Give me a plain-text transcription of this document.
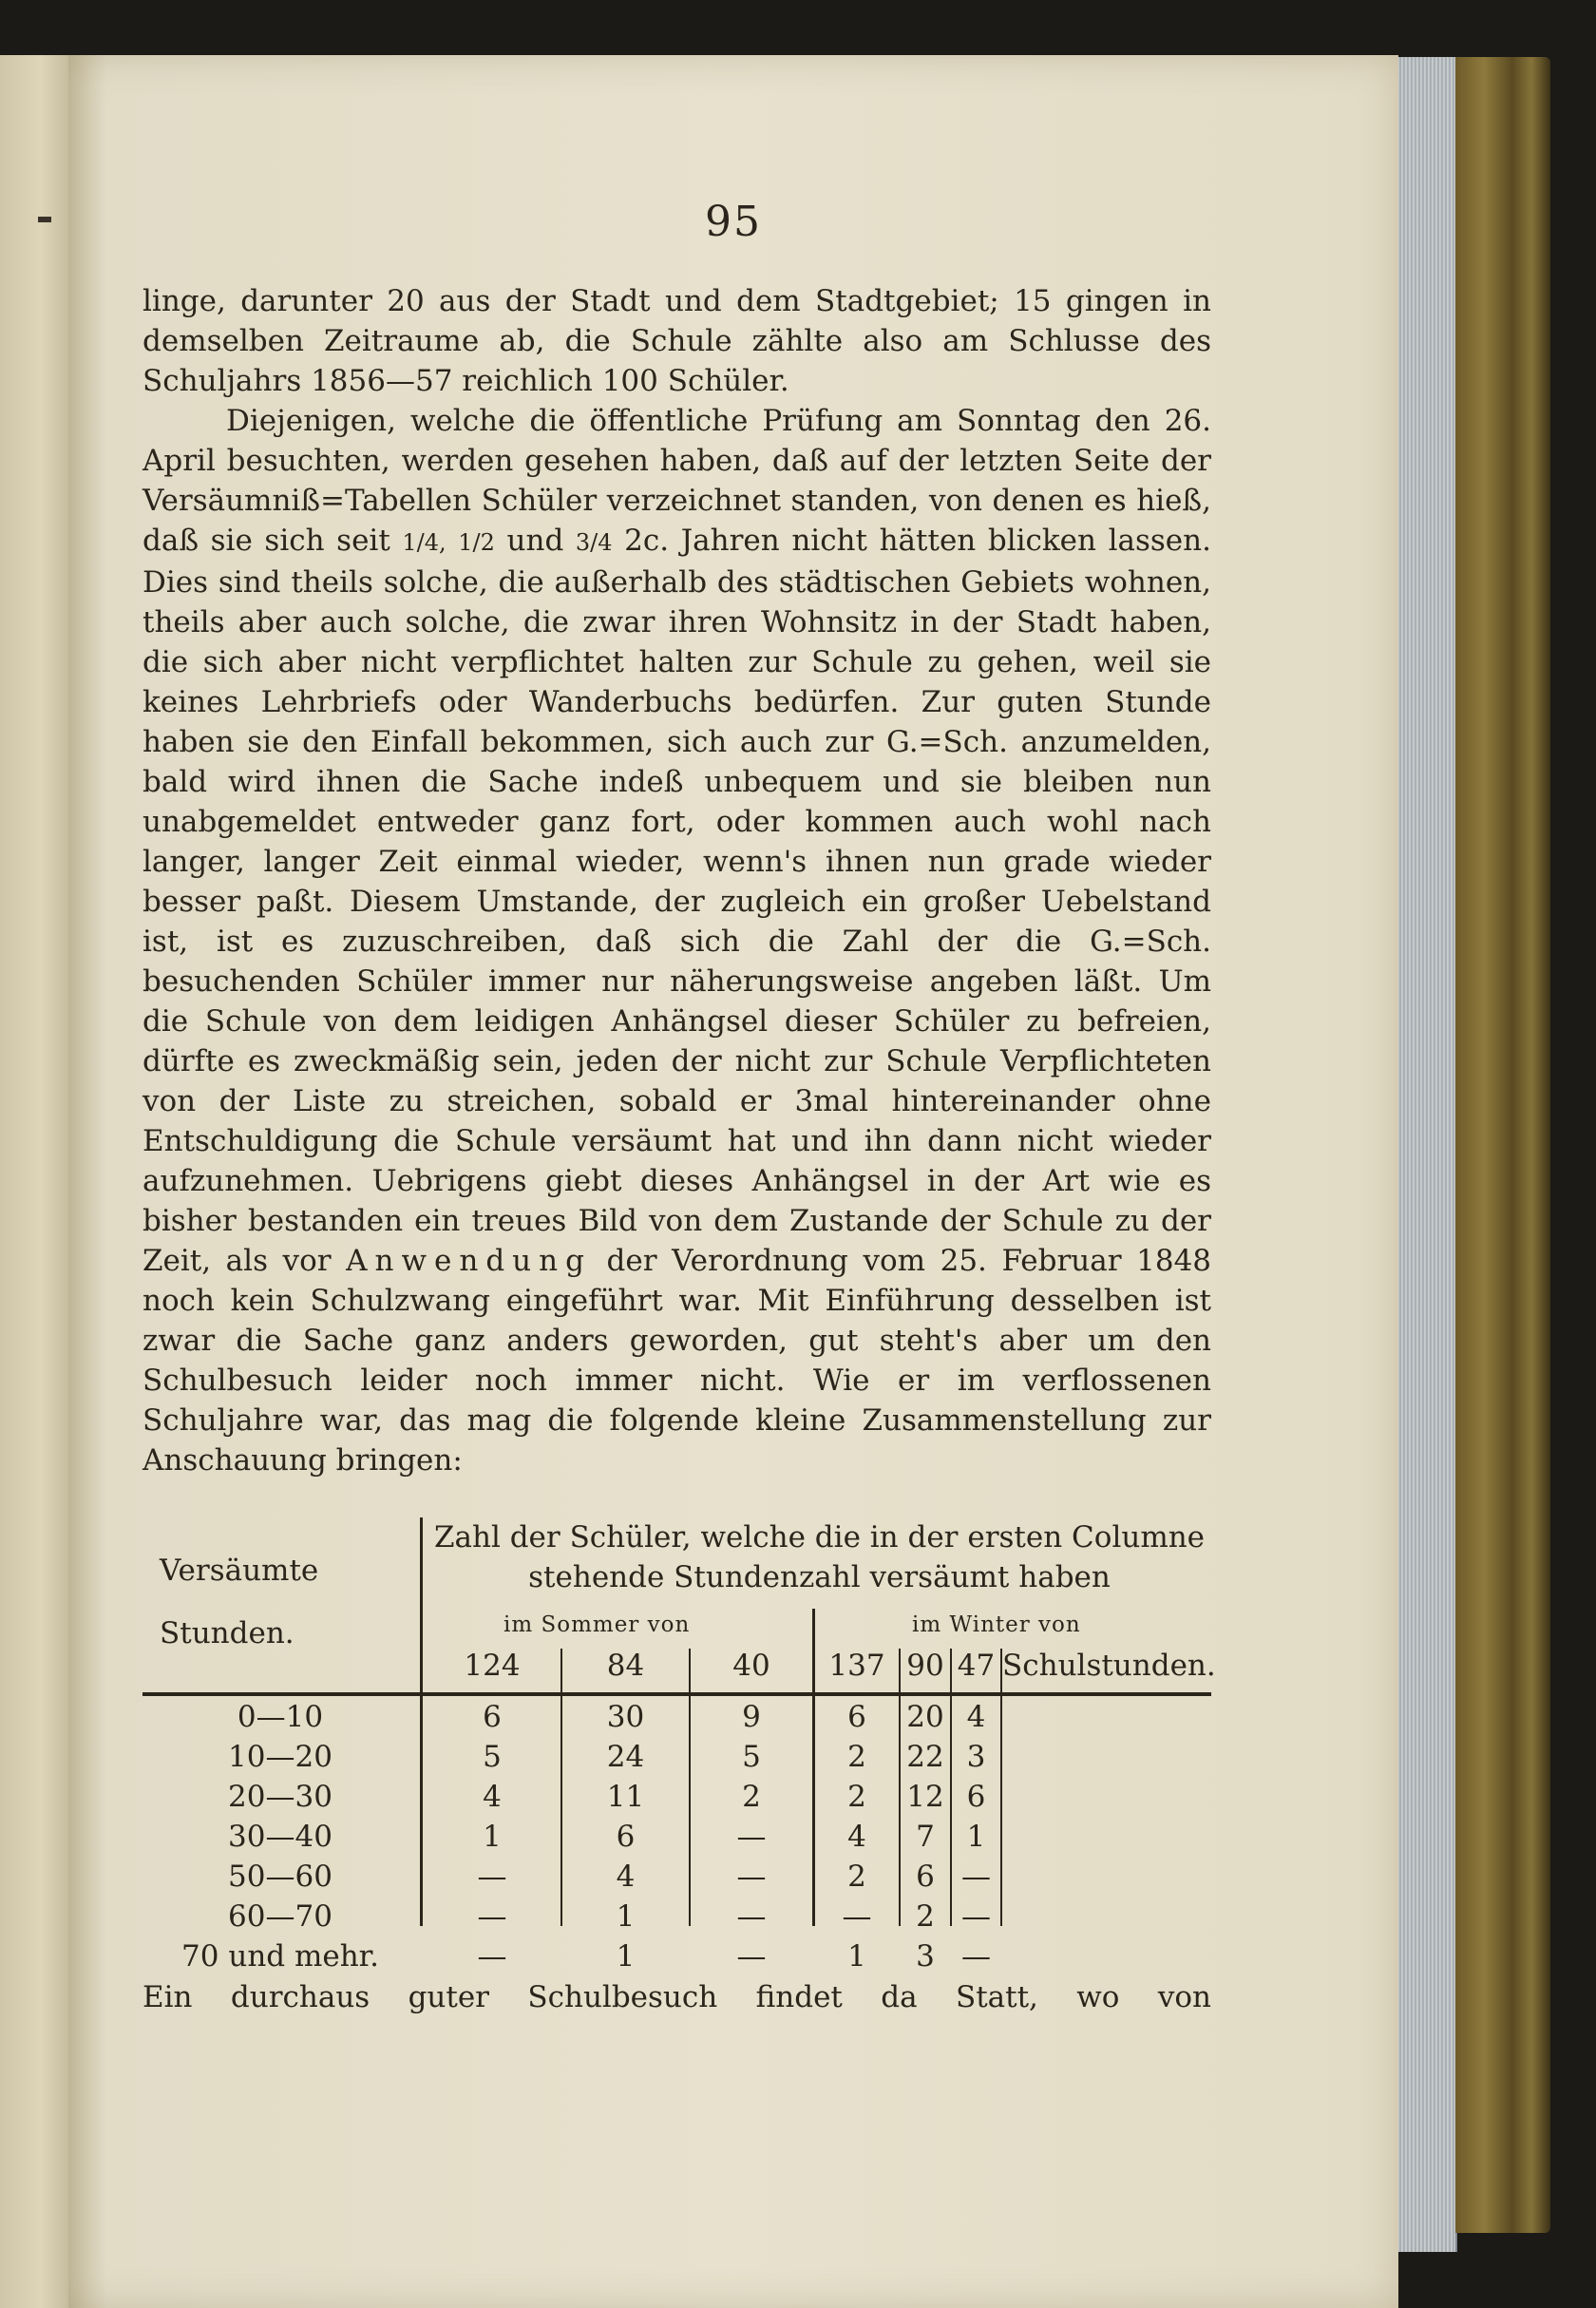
95

linge, darunter 20 aus der Stadt und dem Stadtgebiet; 15 gingen in demselben Zeitraume ab, die Schule zählte also am Schlusse des Schuljahrs 1856—57 reichlich 100 Schüler.

Diejenigen, welche die öffentliche Prüfung am Sonntag den 26. April besuchten, werden gesehen haben, daß auf der letzten Seite der Versäumniß=Tabellen Schüler verzeichnet standen, von denen es hieß, daß sie sich seit 1/4, 1/2 und 3/4 2c. Jahren nicht hätten blicken lassen. Dies sind theils solche, die außerhalb des städtischen Gebiets wohnen, theils aber auch solche, die zwar ihren Wohnsitz in der Stadt haben, die sich aber nicht verpflichtet halten zur Schule zu gehen, weil sie keines Lehrbriefs oder Wanderbuchs bedürfen. Zur guten Stunde haben sie den Einfall bekommen, sich auch zur G.=Sch. anzumelden, bald wird ihnen die Sache indeß unbequem und sie bleiben nun unabgemeldet entweder ganz fort, oder kommen auch wohl nach langer, langer Zeit einmal wieder, wenn's ihnen nun grade wieder besser paßt. Diesem Umstande, der zugleich ein großer Uebelstand ist, ist es zuzuschreiben, daß sich die Zahl der die G.=Sch. besuchenden Schüler immer nur näherungsweise angeben läßt. Um die Schule von dem leidigen Anhängsel dieser Schüler zu befreien, dürfte es zweckmäßig sein, jeden der nicht zur Schule Verpflichteten von der Liste zu streichen, sobald er 3mal hintereinander ohne Entschuldigung die Schule versäumt hat und ihn dann nicht wieder aufzunehmen. Uebrigens giebt dieses Anhängsel in der Art wie es bisher bestanden ein treues Bild von dem Zustande der Schule zu der Zeit, als vor Anwendung der Verordnung vom 25. Februar 1848 noch kein Schulzwang eingeführt war. Mit Einführung desselben ist zwar die Sache ganz anders geworden, gut steht's aber um den Schulbesuch leider noch immer nicht. Wie er im verflossenen Schuljahre war, das mag die folgende kleine Zusammenstellung zur Anschauung bringen:

Versäumte
Stunden.
Zahl der Schüler, welche die in der ersten Columne stehende Stundenzahl versäumt haben
im Sommer von	im Winter von
124	84	40	137 90 47 Schulstunden.
0—10	6	30	9	6	20 4
10—20	5	24	5	2	22 3
20—30	4	11	2	2	12 6
30—40	1	6	—	4	7	1
50—60	—	4	—	2	6 —
60—70	—	1	—	—	2 —
70 und mehr.	—	1	—	1	3 —
Ein durchaus guter Schulbesuch findet da Statt, wo von
